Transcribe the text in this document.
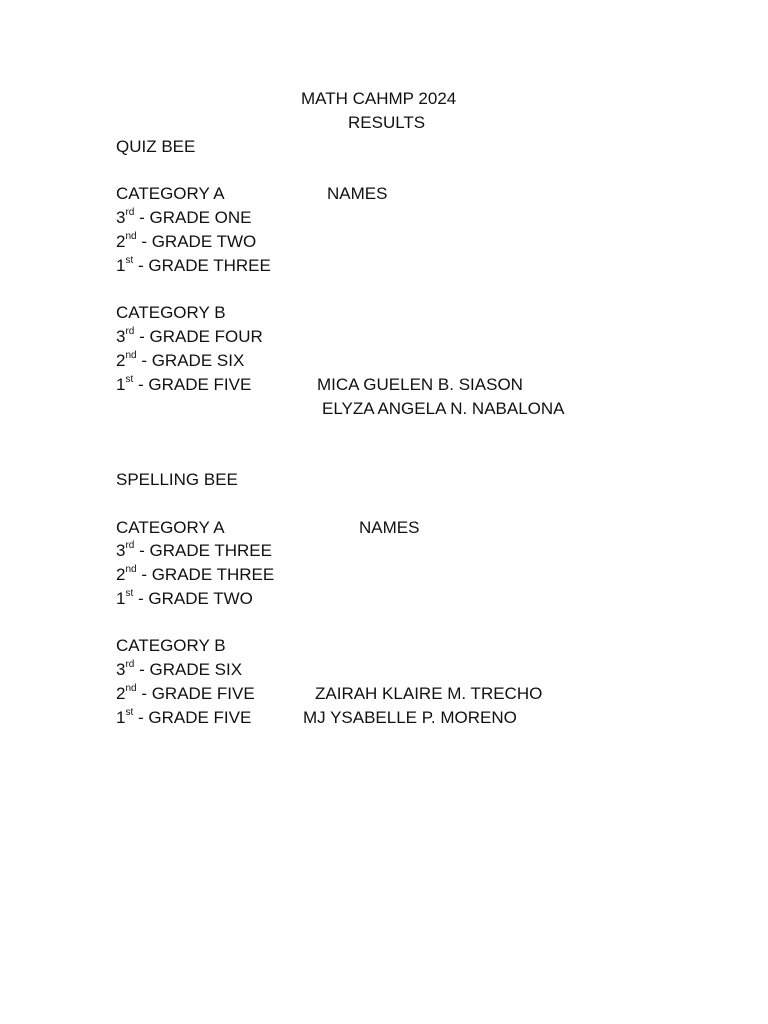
MATH CAHMP 2024
RESULTS
QUIZ BEE
CATEGORY A	NAMES
3rd - GRADE ONE
2nd - GRADE TWO
1st - GRADE THREE
CATEGORY B
3rd - GRADE FOUR
2nd - GRADE SIX
1st - GRADE FIVE	MICA GUELEN B. SIASON
ELYZA ANGELA N. NABALONA
SPELLING BEE
CATEGORY A	NAMES
3rd - GRADE THREE
2nd - GRADE THREE
1st - GRADE TWO
CATEGORY B
3rd - GRADE SIX
2nd - GRADE FIVE	ZAIRAH KLAIRE M. TRECHO
1st - GRADE FIVE	MJ YSABELLE P. MORENO
